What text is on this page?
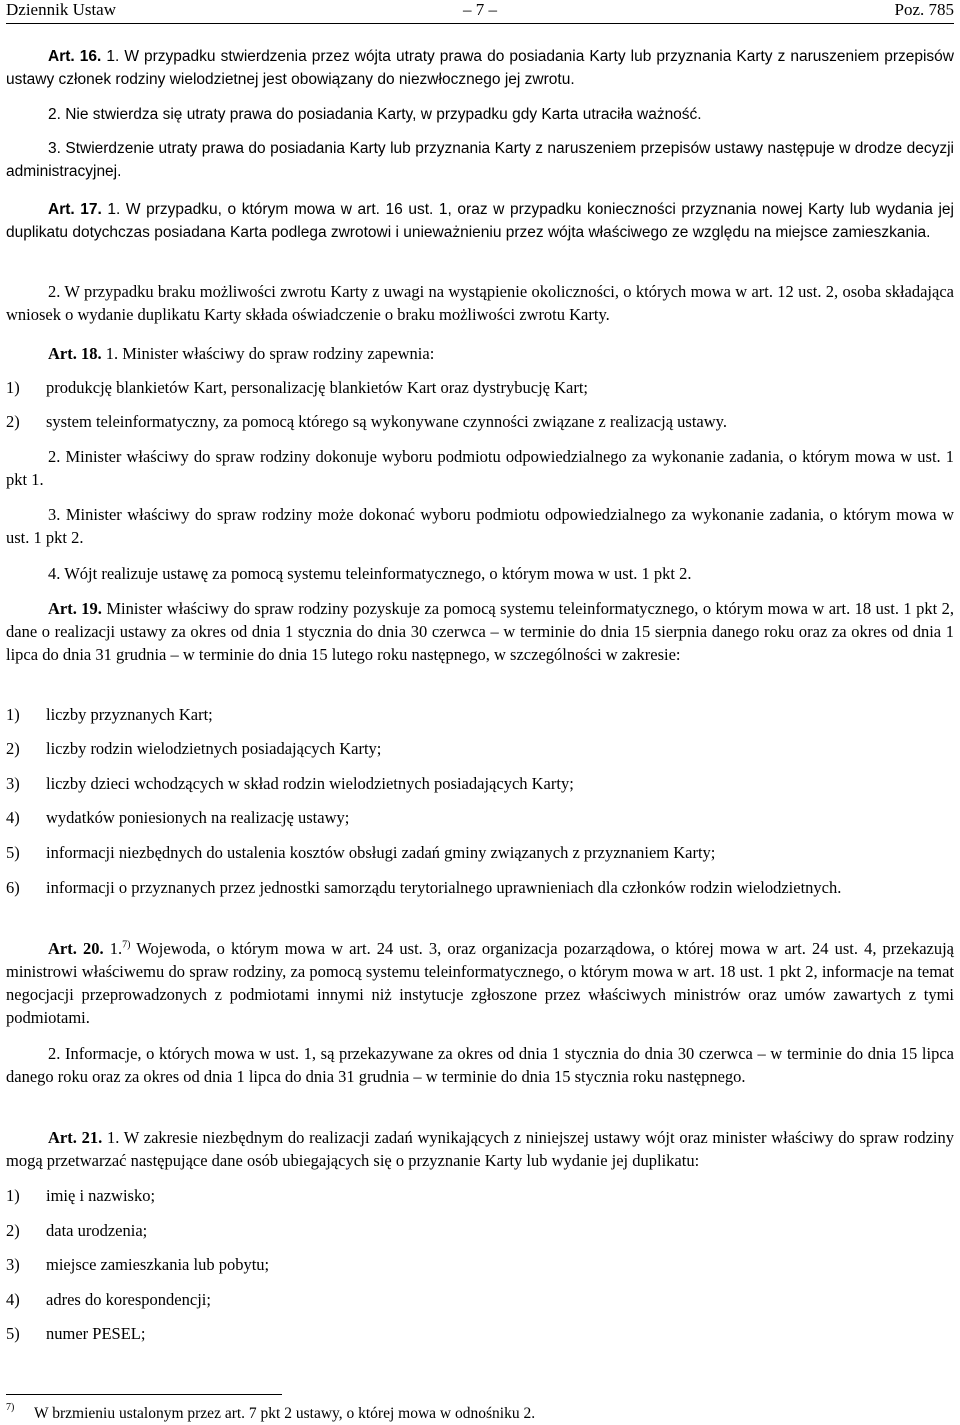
Dziennik Ustaw	– 7 –	Poz. 785

Art. 16. 1. W przypadku stwierdzenia przez wójta utraty prawa do posiadania Karty lub przyznania Karty z naruszeniem przepisów ustawy członek rodziny wielodzietnej jest obowiązany do niezwłocznego jej zwrotu.

2. Nie stwierdza się utraty prawa do posiadania Karty, w przypadku gdy Karta utraciła ważność.

3. Stwierdzenie utraty prawa do posiadania Karty lub przyznania Karty z naruszeniem przepisów ustawy następuje w drodze decyzji administracyjnej.

Art. 17. 1. W przypadku, o którym mowa w art. 16 ust. 1, oraz w przypadku konieczności przyznania nowej Karty lub wydania jej duplikatu dotychczas posiadana Karta podlega zwrotowi i unieważnieniu przez wójta właściwego ze względu na miejsce zamieszkania.

2. W przypadku braku możliwości zwrotu Karty z uwagi na wystąpienie okoliczności, o których mowa w art. 12 ust. 2, osoba składająca wniosek o wydanie duplikatu Karty składa oświadczenie o braku możliwości zwrotu Karty.

Art. 18. 1. Minister właściwy do spraw rodziny zapewnia:

1) produkcję blankietów Kart, personalizację blankietów Kart oraz dystrybucję Kart;
2) system teleinformatyczny, za pomocą którego są wykonywane czynności związane z realizacją ustawy.

2. Minister właściwy do spraw rodziny dokonuje wyboru podmiotu odpowiedzialnego za wykonanie zadania, o którym mowa w ust. 1 pkt 1.

3. Minister właściwy do spraw rodziny może dokonać wyboru podmiotu odpowiedzialnego za wykonanie zadania, o którym mowa w ust. 1 pkt 2.

4. Wójt realizuje ustawę za pomocą systemu teleinformatycznego, o którym mowa w ust. 1 pkt 2.

Art. 19. Minister właściwy do spraw rodziny pozyskuje za pomocą systemu teleinformatycznego, o którym mowa w art. 18 ust. 1 pkt 2, dane o realizacji ustawy za okres od dnia 1 stycznia do dnia 30 czerwca – w terminie do dnia 15 sierpnia danego roku oraz za okres od dnia 1 lipca do dnia 31 grudnia – w terminie do dnia 15 lutego roku następnego, w szczególności w zakresie:

1) liczby przyznanych Kart;
2) liczby rodzin wielodzietnych posiadających Karty;
3) liczby dzieci wchodzących w skład rodzin wielodzietnych posiadających Karty;
4) wydatków poniesionych na realizację ustawy;
5) informacji niezbędnych do ustalenia kosztów obsługi zadań gminy związanych z przyznaniem Karty;
6) informacji o przyznanych przez jednostki samorządu terytorialnego uprawnieniach dla członków rodzin wielodzietnych.

Art. 20. 1.$^{7)}$ Wojewoda, o którym mowa w art. 24 ust. 3, oraz organizacja pozarządowa, o której mowa w art. 24 ust. 4, przekazują ministrowi właściwemu do spraw rodziny, za pomocą systemu teleinformatycznego, o którym mowa w art. 18 ust. 1 pkt 2, informacje na temat negocjacji przeprowadzonych z podmiotami innymi niż instytucje zgłoszone przez właściwych ministrów oraz umów zawartych z tymi podmiotami.

2. Informacje, o których mowa w ust. 1, są przekazywane za okres od dnia 1 stycznia do dnia 30 czerwca – w terminie do dnia 15 lipca danego roku oraz za okres od dnia 1 lipca do dnia 31 grudnia – w terminie do dnia 15 stycznia roku następnego.

Art. 21. 1. W zakresie niezbędnym do realizacji zadań wynikających z niniejszej ustawy wójt oraz minister właściwy do spraw rodziny mogą przetwarzać następujące dane osób ubiegających się o przyznanie Karty lub wydanie jej duplikatu:

1) imię i nazwisko;
2) data urodzenia;
3) miejsce zamieszkania lub pobytu;
4) adres do korespondencji;
5) numer PESEL;
7) W brzmieniu ustalonym przez art. 7 pkt 2 ustawy, o której mowa w odnośniku 2.
